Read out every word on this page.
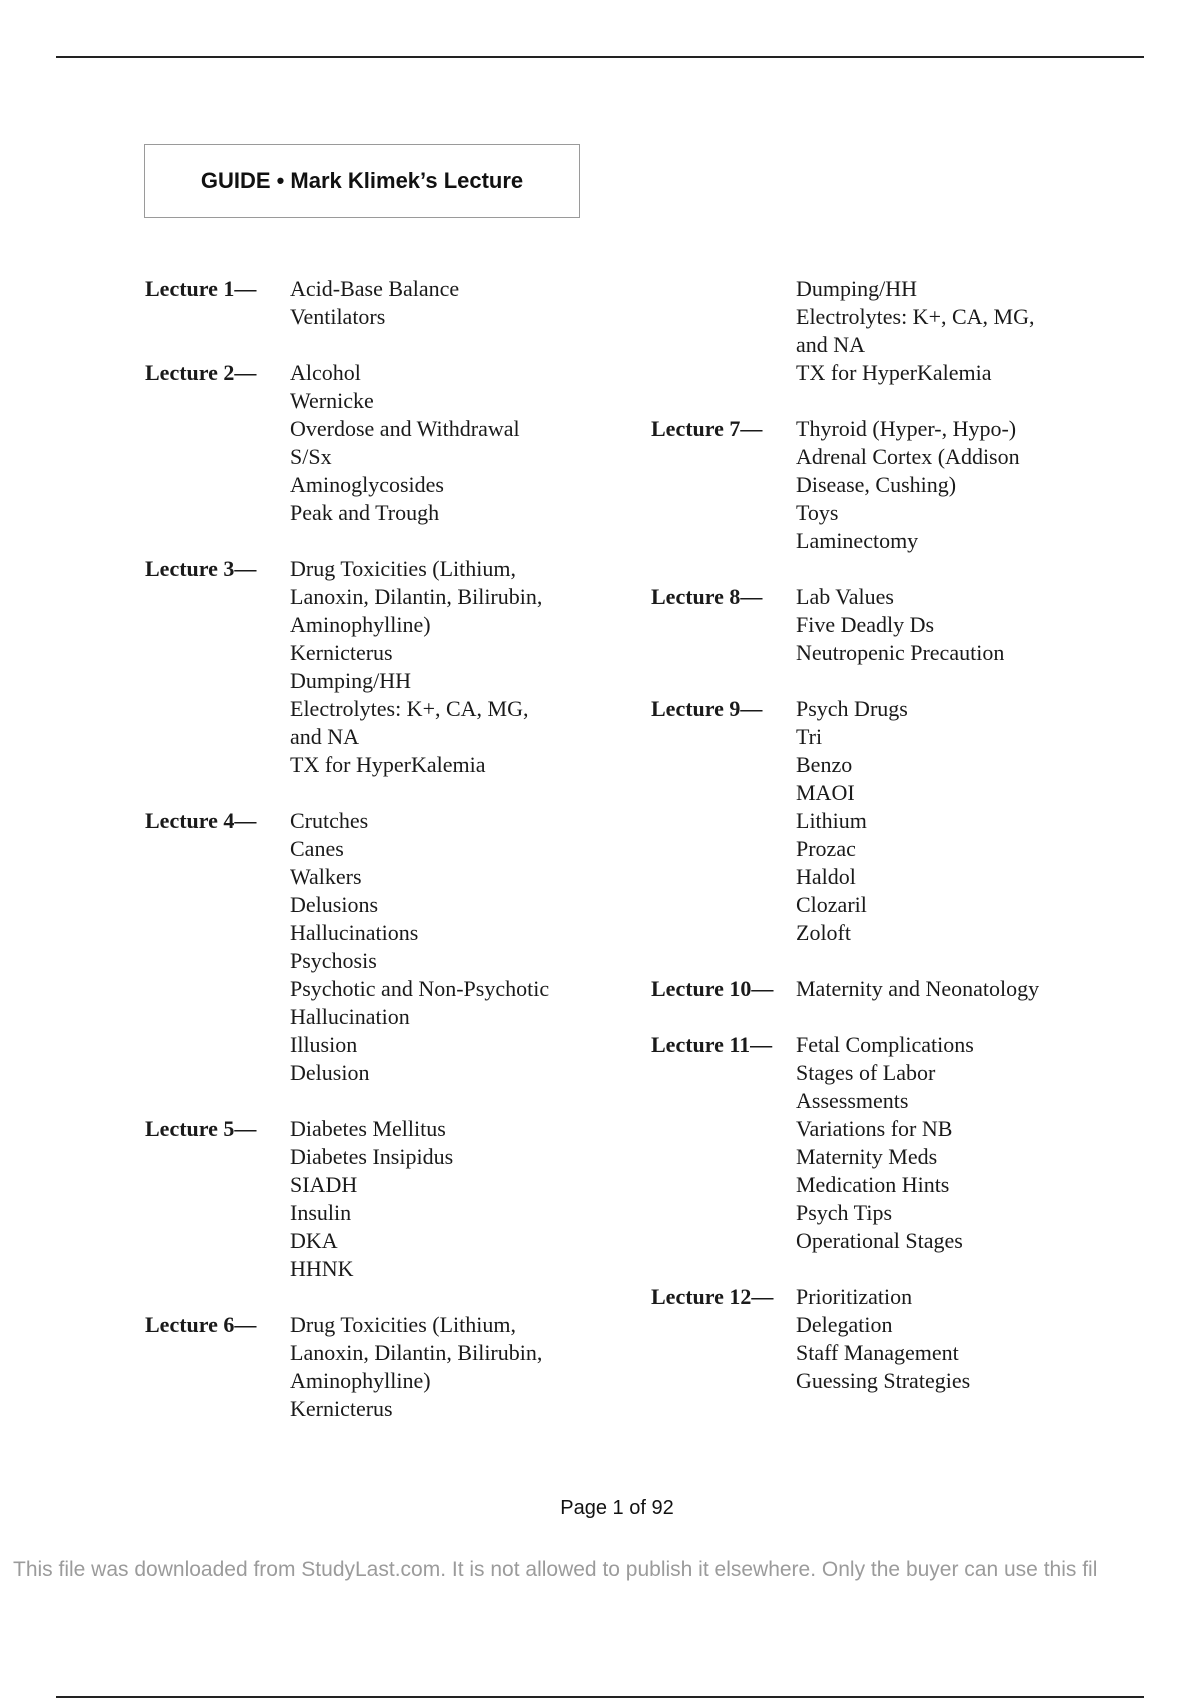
GUIDE • Mark Klimek’s Lecture
Lecture 1—	Acid-Base Balance
Ventilators
Lecture 2—	Alcohol
Wernicke
Overdose and Withdrawal
S/Sx
Aminoglycosides
Peak and Trough
Lecture 3—	Drug Toxicities (Lithium,
Lanoxin, Dilantin, Bilirubin,
Aminophylline)
Kernicterus
Dumping/HH
Electrolytes: K+, CA, MG,
and NA
TX for HyperKalemia
Lecture 4—	Crutches
Canes
Walkers
Delusions
Hallucinations
Psychosis
Psychotic and Non-Psychotic
Hallucination
Illusion
Delusion
Lecture 5—	Diabetes Mellitus
Diabetes Insipidus
SIADH
Insulin
DKA
HHNK
Lecture 6—	Drug Toxicities (Lithium,
Lanoxin, Dilantin, Bilirubin,
Aminophylline)
Kernicterus
Dumping/HH
Electrolytes: K+, CA, MG,
and NA
TX for HyperKalemia
Lecture 7—	Thyroid (Hyper-, Hypo-)
Adrenal Cortex (Addison
Disease, Cushing)
Toys
Laminectomy
Lecture 8—	Lab Values
Five Deadly Ds
Neutropenic Precaution
Lecture 9—	Psych Drugs
Tri
Benzo
MAOI
Lithium
Prozac
Haldol
Clozaril
Zoloft
Lecture 10—	Maternity and Neonatology
Lecture 11—	Fetal Complications
Stages of Labor
Assessments
Variations for NB
Maternity Meds
Medication Hints
Psych Tips
Operational Stages
Lecture 12—	Prioritization
Delegation
Staff Management
Guessing Strategies
Page 1 of 92
This file was downloaded from StudyLast.com. It is not allowed to publish it elsewhere. Only the buyer can use this fil
